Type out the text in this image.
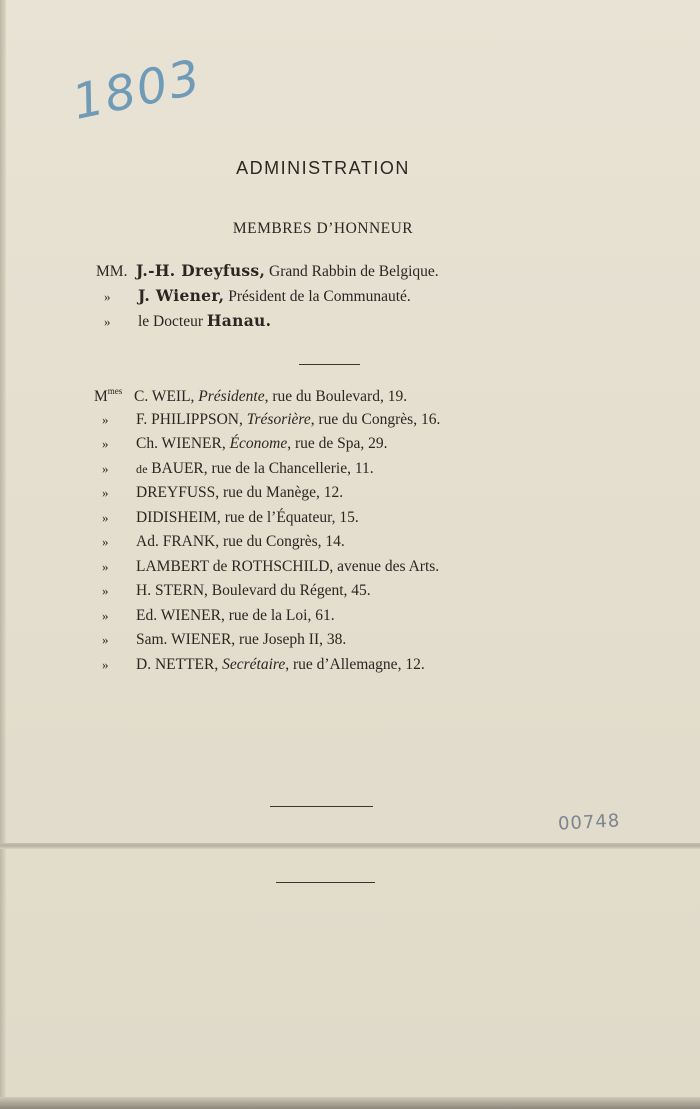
1803
ADMINISTRATION
MEMBRES D’HONNEUR
MM. J.-H. Dreyfuss, Grand Rabbin de Belgique.
» J. Wiener, Président de la Communauté.
» le Docteur Hanau.
$M^{mes}$ C. WEIL, Présidente, rue du Boulevard, 19.
» F. PHILIPPSON, Trésorière, rue du Congrès, 16.
» Ch. WIENER, Économe, rue de Spa, 29.
» de BAUER, rue de la Chancellerie, 11.
» DREYFUSS, rue du Manège, 12.
» DIDISHEIM, rue de l’Équateur, 15.
» Ad. FRANK, rue du Congrès, 14.
» LAMBERT de ROTHSCHILD, avenue des Arts.
» H. STERN, Boulevard du Régent, 45.
» Ed. WIENER, rue de la Loi, 61.
» Sam. WIENER, rue Joseph II, 38.
» D. NETTER, Secrétaire, rue d’Allemagne, 12.
00748
